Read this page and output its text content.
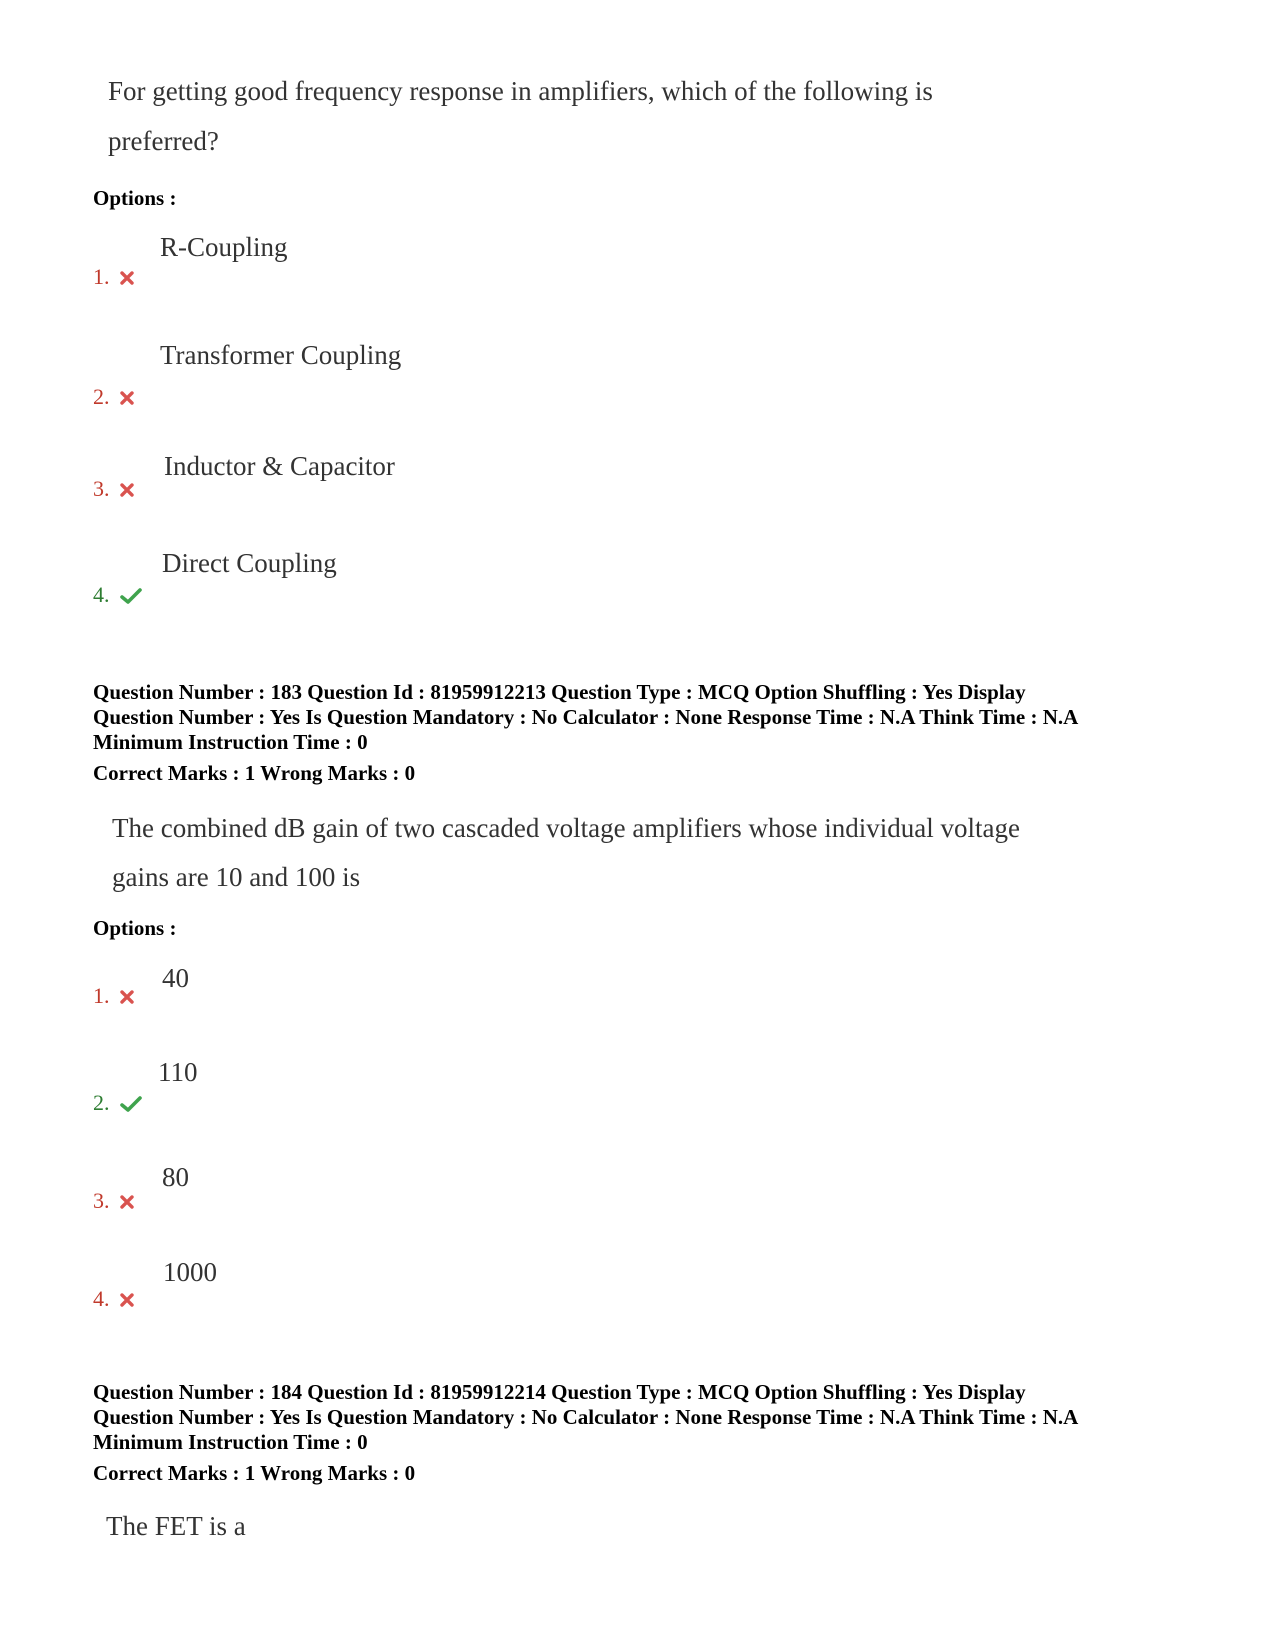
For getting good frequency response in amplifiers, which of the following is
preferred?
Options :
R-Coupling
1.
Transformer Coupling
2.
Inductor & Capacitor
3.
Direct Coupling
4.
Question Number : 183 Question Id : 81959912213 Question Type : MCQ Option Shuffling : Yes Display
Question Number : Yes Is Question Mandatory : No Calculator : None Response Time : N.A Think Time : N.A
Minimum Instruction Time : 0
Correct Marks : 1 Wrong Marks : 0
The combined dB gain of two cascaded voltage amplifiers whose individual voltage
gains are 10 and 100 is
Options :
40
1.
110
2.
80
3.
1000
4.
Question Number : 184 Question Id : 81959912214 Question Type : MCQ Option Shuffling : Yes Display
Question Number : Yes Is Question Mandatory : No Calculator : None Response Time : N.A Think Time : N.A
Minimum Instruction Time : 0
Correct Marks : 1 Wrong Marks : 0
The FET is a
